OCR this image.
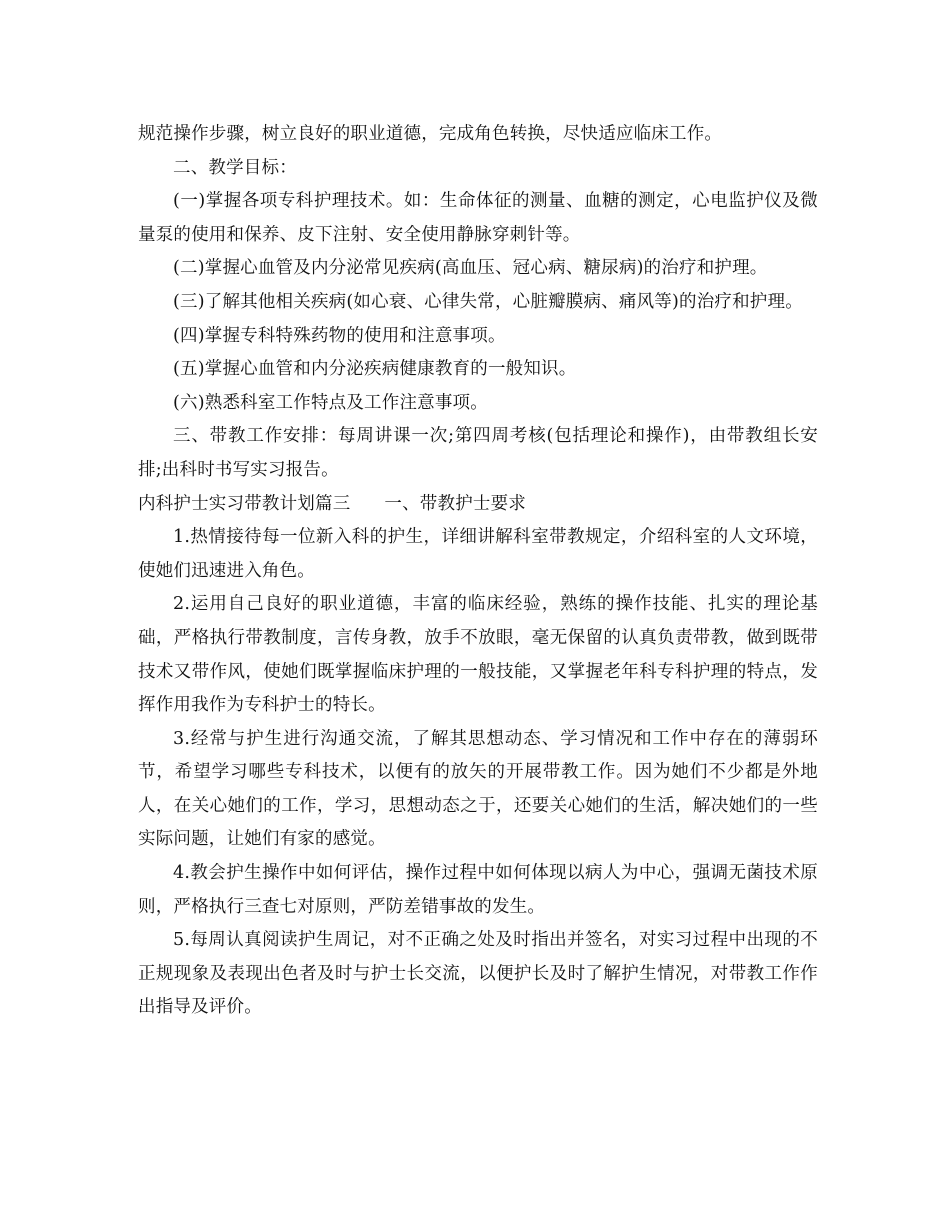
规范操作步骤，树立良好的职业道德，完成角色转换，尽快适应临床工作。

二、教学目标：

(一)掌握各项专科护理技术。如：生命体征的测量、血糖的测定，心电监护仪及微量泵的使用和保养、皮下注射、安全使用静脉穿刺针等。

(二)掌握心血管及内分泌常见疾病(高血压、冠心病、糖尿病)的治疗和护理。

(三)了解其他相关疾病(如心衰、心律失常，心脏瓣膜病、痛风等)的治疗和护理。

(四)掌握专科特殊药物的使用和注意事项。

(五)掌握心血管和内分泌疾病健康教育的一般知识。

(六)熟悉科室工作特点及工作注意事项。

三、带教工作安排：每周讲课一次;第四周考核(包括理论和操作)，由带教组长安排;出科时书写实习报告。

内科护士实习带教计划篇三 一、带教护士要求

1.热情接待每一位新入科的护生，详细讲解科室带教规定，介绍科室的人文环境，使她们迅速进入角色。

2.运用自己良好的职业道德，丰富的临床经验，熟练的操作技能、扎实的理论基础，严格执行带教制度，言传身教，放手不放眼，毫无保留的认真负责带教，做到既带技术又带作风，使她们既掌握临床护理的一般技能，又掌握老年科专科护理的特点，发挥作用我作为专科护士的特长。

3.经常与护生进行沟通交流，了解其思想动态、学习情况和工作中存在的薄弱环节，希望学习哪些专科技术，以便有的放矢的开展带教工作。因为她们不少都是外地人，在关心她们的工作，学习，思想动态之于，还要关心她们的生活，解决她们的一些实际问题，让她们有家的感觉。

4.教会护生操作中如何评估，操作过程中如何体现以病人为中心，强调无菌技术原则，严格执行三查七对原则，严防差错事故的发生。

5.每周认真阅读护生周记，对不正确之处及时指出并签名，对实习过程中出现的不正规现象及表现出色者及时与护士长交流，以便护长及时了解护生情况，对带教工作作出指导及评价。
